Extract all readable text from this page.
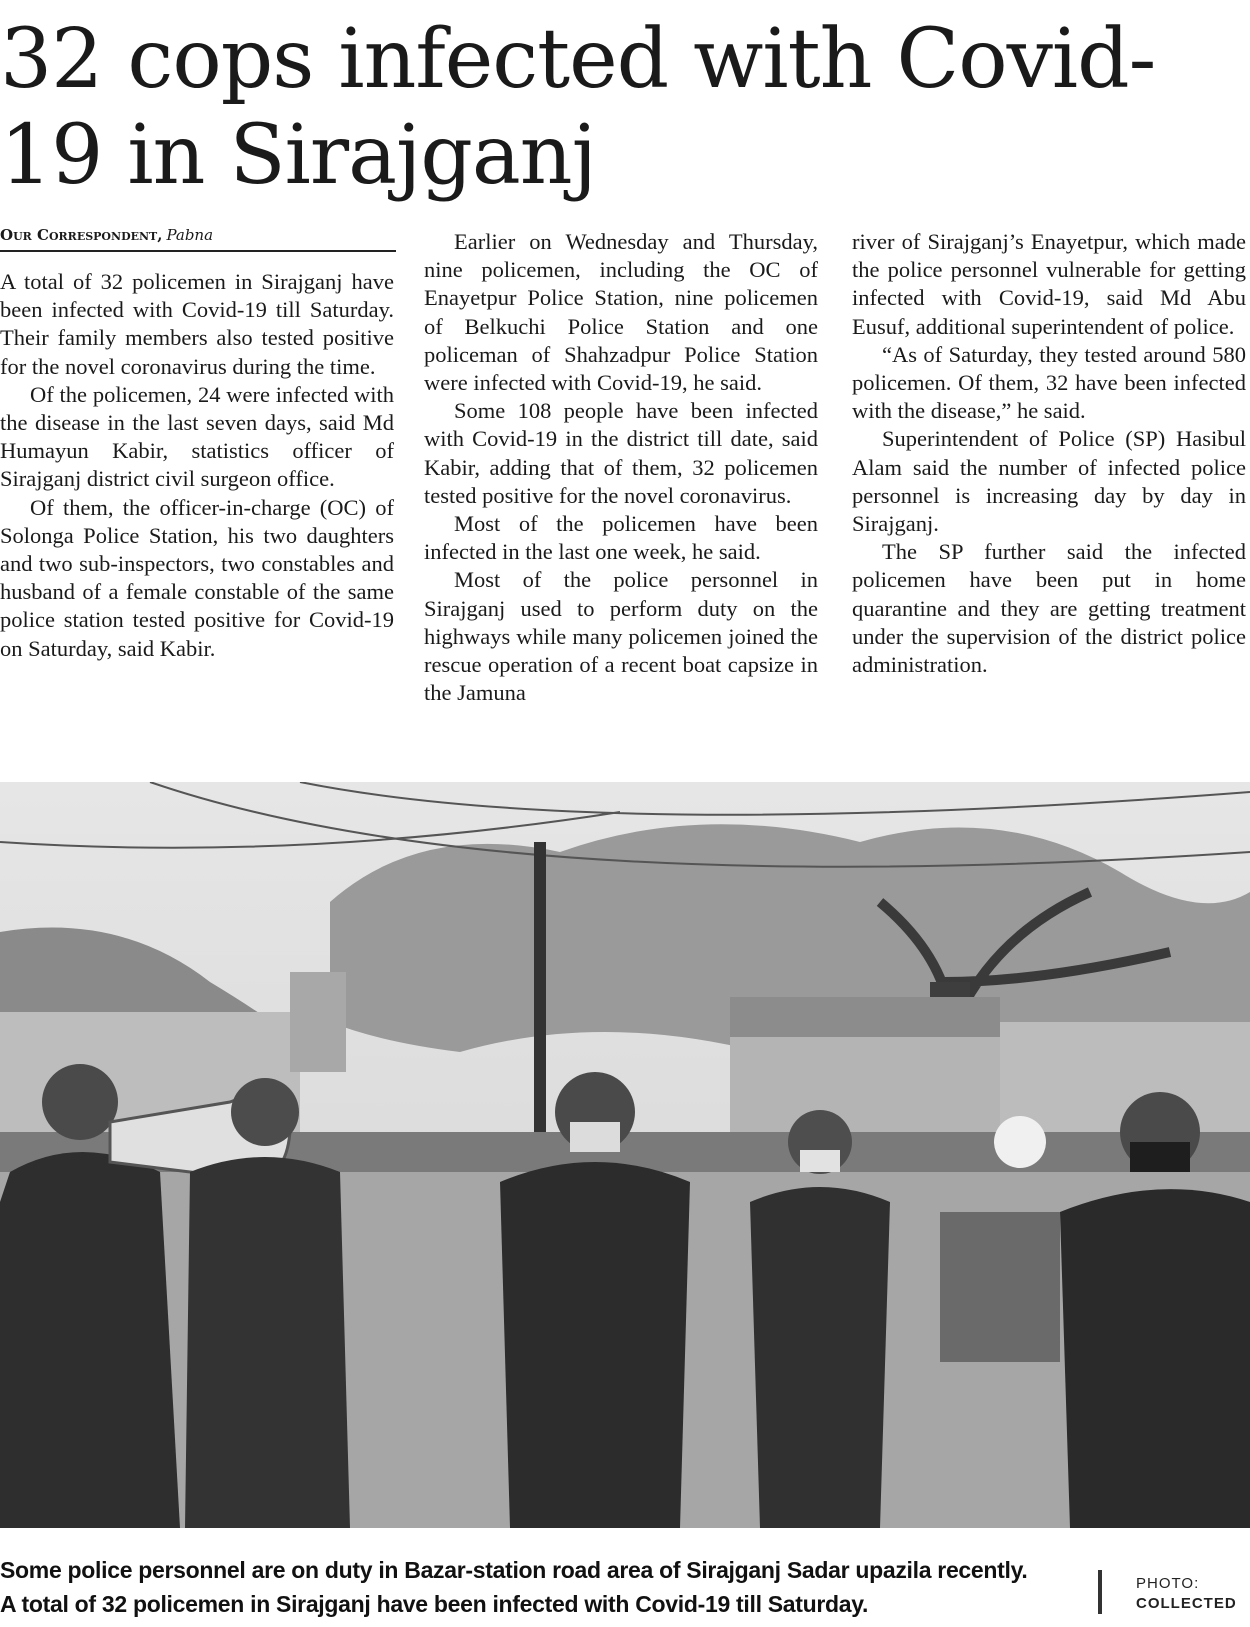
32 cops infected with Covid-19 in Sirajganj
Our Correspondent, Pabna

A total of 32 policemen in Sirajganj have been infected with Covid-19 till Saturday. Their family members also tested positive for the novel coronavirus during the time.

Of the policemen, 24 were infected with the disease in the last seven days, said Md Humayun Kabir, statistics officer of Sirajganj district civil surgeon office.

Of them, the officer-in-charge (OC) of Solonga Police Station, his two daughters and two sub-inspectors, two constables and husband of a female constable of the same police station tested positive for Covid-19 on Saturday, said Kabir.

Earlier on Wednesday and Thursday, nine policemen, including the OC of Enayetpur Police Station, nine policemen of Belkuchi Police Station and one policeman of Shahzadpur Police Station were infected with Covid-19, he said.

Some 108 people have been infected with Covid-19 in the district till date, said Kabir, adding that of them, 32 policemen tested positive for the novel coronavirus.

Most of the policemen have been infected in the last one week, he said.

Most of the police personnel in Sirajganj used to perform duty on the highways while many policemen joined the rescue operation of a recent boat capsize in the Jamuna

river of Sirajganj’s Enayetpur, which made the police personnel vulnerable for getting infected with Covid-19, said Md Abu Eusuf, additional superintendent of police.

“As of Saturday, they tested around 580 policemen. Of them, 32 have been infected with the disease,” he said.

Superintendent of Police (SP) Hasibul Alam said the number of infected police personnel is increasing day by day in Sirajganj.

The SP further said the infected policemen have been put in home quarantine and they are getting treatment under the supervision of the district police administration.

Some police personnel are on duty in Bazar-station road area of Sirajganj Sadar upazila recently. A total of 32 policemen in Sirajganj have been infected with Covid-19 till Saturday.
PHOTO:
COLLECTED
